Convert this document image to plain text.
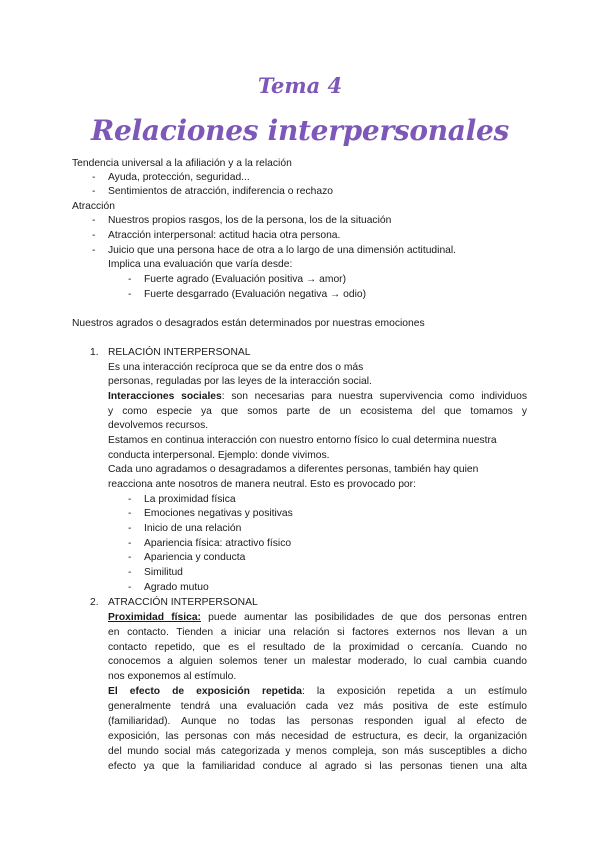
Tema 4
Relaciones interpersonales
Tendencia universal a la afiliación y a la relación
- Ayuda, protección, seguridad...
- Sentimientos de atracción, indiferencia o rechazo
Atracción
- Nuestros propios rasgos, los de la persona, los de la situación
- Atracción interpersonal: actitud hacia otra persona.
- Juicio que una persona hace de otra a lo largo de una dimensión actitudinal.
Implica una evaluación que varía desde:
- Fuerte agrado (Evaluación positiva → amor)
- Fuerte desgarrado (Evaluación negativa → odio)
Nuestros agrados o desagrados están determinados por nuestras emociones
1. RELACIÓN INTERPERSONAL
Es una interacción recíproca que se da entre dos o más
personas, reguladas por las leyes de la interacción social.
Interacciones sociales: son necesarias para nuestra supervivencia como individuos
y como especie ya que somos parte de un ecosistema del que tomamos y
devolvemos recursos.
Estamos en continua interacción con nuestro entorno físico lo cual determina nuestra
conducta interpersonal. Ejemplo: donde vivimos.
Cada uno agradamos o desagradamos a diferentes personas, también hay quien
reacciona ante nosotros de manera neutral. Esto es provocado por:
- La proximidad física
- Emociones negativas y positivas
- Inicio de una relación
- Apariencia física: atractivo físico
- Apariencia y conducta
- Similitud
- Agrado mutuo
2. ATRACCIÓN INTERPERSONAL
Proximidad física: puede aumentar las posibilidades de que dos personas entren
en contacto. Tienden a iniciar una relación si factores externos nos llevan a un
contacto repetido, que es el resultado de la proximidad o cercanía. Cuando no
conocemos a alguien solemos tener un malestar moderado, lo cual cambia cuando
nos exponemos al estímulo.
El efecto de exposición repetida: la exposición repetida a un estímulo
generalmente tendrá una evaluación cada vez más positiva de este estímulo
(familiaridad). Aunque no todas las personas responden igual al efecto de
exposición, las personas con más necesidad de estructura, es decir, la organización
del mundo social más categorizada y menos compleja, son más susceptibles a dicho
efecto ya que la familiaridad conduce al agrado si las personas tienen una alta
